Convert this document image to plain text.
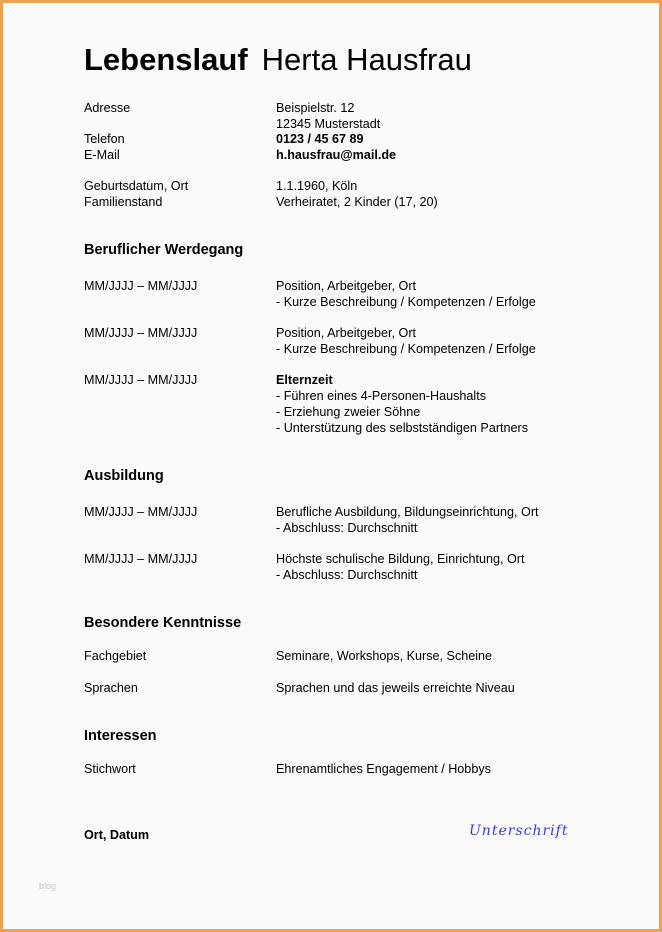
Lebenslauf Herta Hausfrau
Adresse	Beispielstr. 12
12345 Musterstadt
Telefon	0123 / 45 67 89
E-Mail	h.hausfrau@mail.de
Geburtsdatum, Ort	1.1.1960, Köln
Familienstand	Verheiratet, 2 Kinder (17, 20)
Beruflicher Werdegang
MM/JJJJ – MM/JJJJ	Position, Arbeitgeber, Ort
- Kurze Beschreibung / Kompetenzen / Erfolge
MM/JJJJ – MM/JJJJ	Position, Arbeitgeber, Ort
- Kurze Beschreibung / Kompetenzen / Erfolge
MM/JJJJ – MM/JJJJ	Elternzeit
- Führen eines 4-Personen-Haushalts
- Erziehung zweier Söhne
- Unterstützung des selbstständigen Partners
Ausbildung
MM/JJJJ – MM/JJJJ	Berufliche Ausbildung, Bildungseinrichtung, Ort
- Abschluss: Durchschnitt
MM/JJJJ – MM/JJJJ	Höchste schulische Bildung, Einrichtung, Ort
- Abschluss: Durchschnitt
Besondere Kenntnisse
Fachgebiet	Seminare, Workshops, Kurse, Scheine
Sprachen	Sprachen und das jeweils erreichte Niveau
Interessen
Stichwort	Ehrenamtliches Engagement / Hobbys
Ort, Datum	Unterschrift
blog
